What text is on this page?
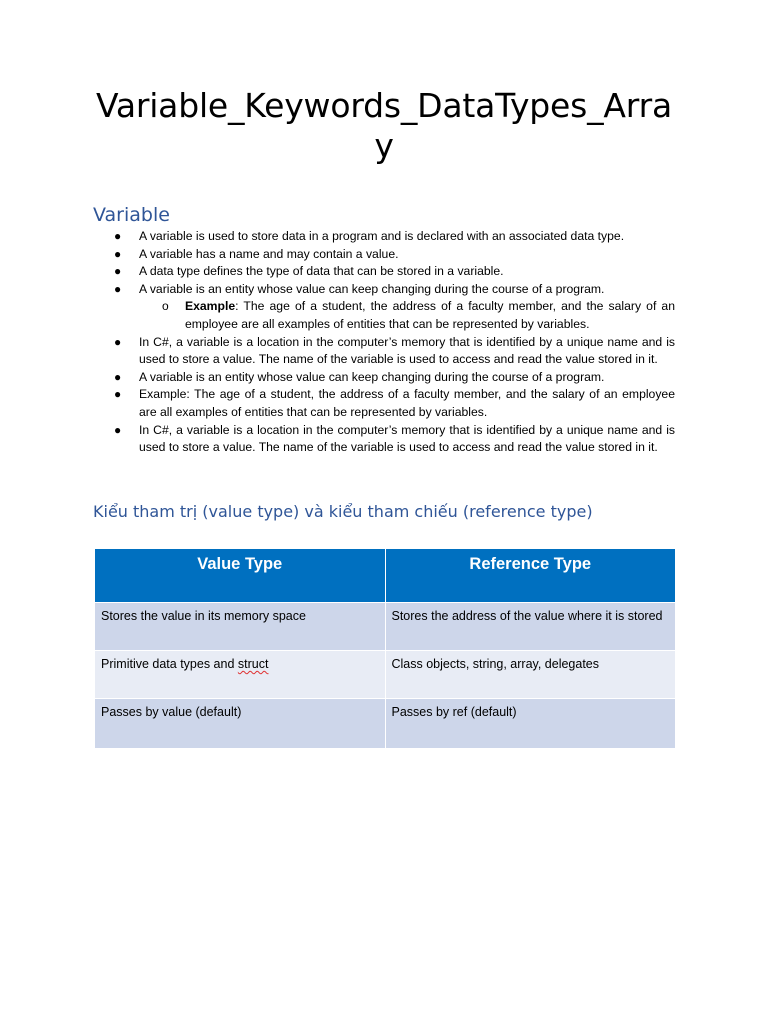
Variable_Keywords_DataTypes_Array
Variable
● A variable is used to store data in a program and is declared with an associated data type.
● A variable has a name and may contain a value.
● A data type defines the type of data that can be stored in a variable.
● A variable is an entity whose value can keep changing during the course of a program.
o Example: The age of a student, the address of a faculty member, and the salary of an employee are all examples of entities that can be represented by variables.
● In C#, a variable is a location in the computer’s memory that is identified by a unique name and is used to store a value. The name of the variable is used to access and read the value stored in it.
● A variable is an entity whose value can keep changing during the course of a program.
● Example: The age of a student, the address of a faculty member, and the salary of an employee are all examples of entities that can be represented by variables.
● In C#, a variable is a location in the computer’s memory that is identified by a unique name and is used to store a value. The name of the variable is used to access and read the value stored in it.
Kiểu tham trị (value type) và kiểu tham chiếu (reference type)
Value Type	Reference Type
Stores the value in its memory space	Stores the address of the value where it is stored
Primitive data types and struct	Class objects, string, array, delegates
Passes by value (default)	Passes by ref (default)
